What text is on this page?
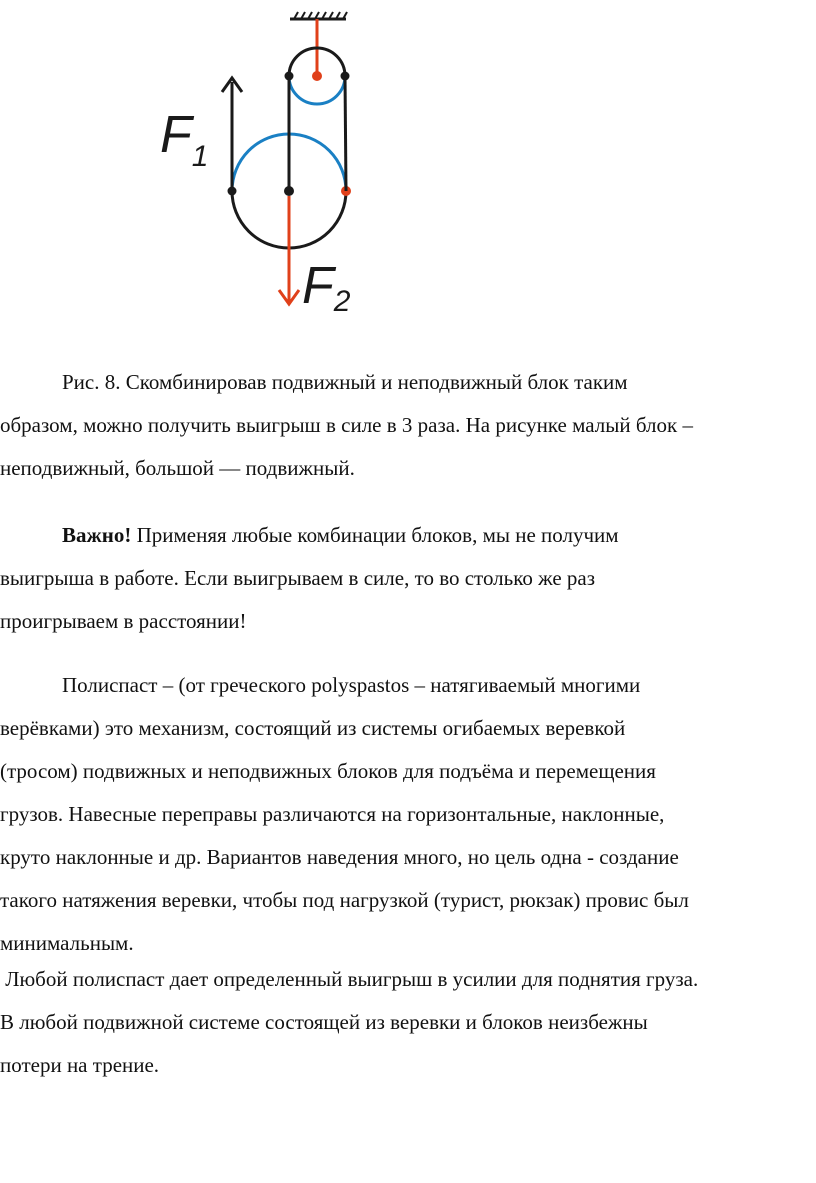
$F_1$
F2
Рис. 8. Скомбинировав подвижный и неподвижный блок таким
образом, можно получить выигрыш в силе в 3 раза. На рисунке малый блок –
неподвижный, большой — подвижный.
Важно! Применяя любые комбинации блоков, мы не получим
выигрыша в работе. Если выигрываем в силе, то во столько же раз
проигрываем в расстоянии!
Полиспаст – (от греческого polyspastos – натягиваемый многими
верёвками) это механизм, состоящий из системы огибаемых веревкой
(тросом) подвижных и неподвижных блоков для подъёма и перемещения
грузов. Навесные переправы различаются на горизонтальные, наклонные,
круто наклонные и др. Вариантов наведения много, но цель одна - создание
такого натяжения веревки, чтобы под нагрузкой (турист, рюкзак) провис был
минимальным.
Любой полиспаст дает определенный выигрыш в усилии для поднятия груза.
В любой подвижной системе состоящей из веревки и блоков неизбежны
потери на трение.
